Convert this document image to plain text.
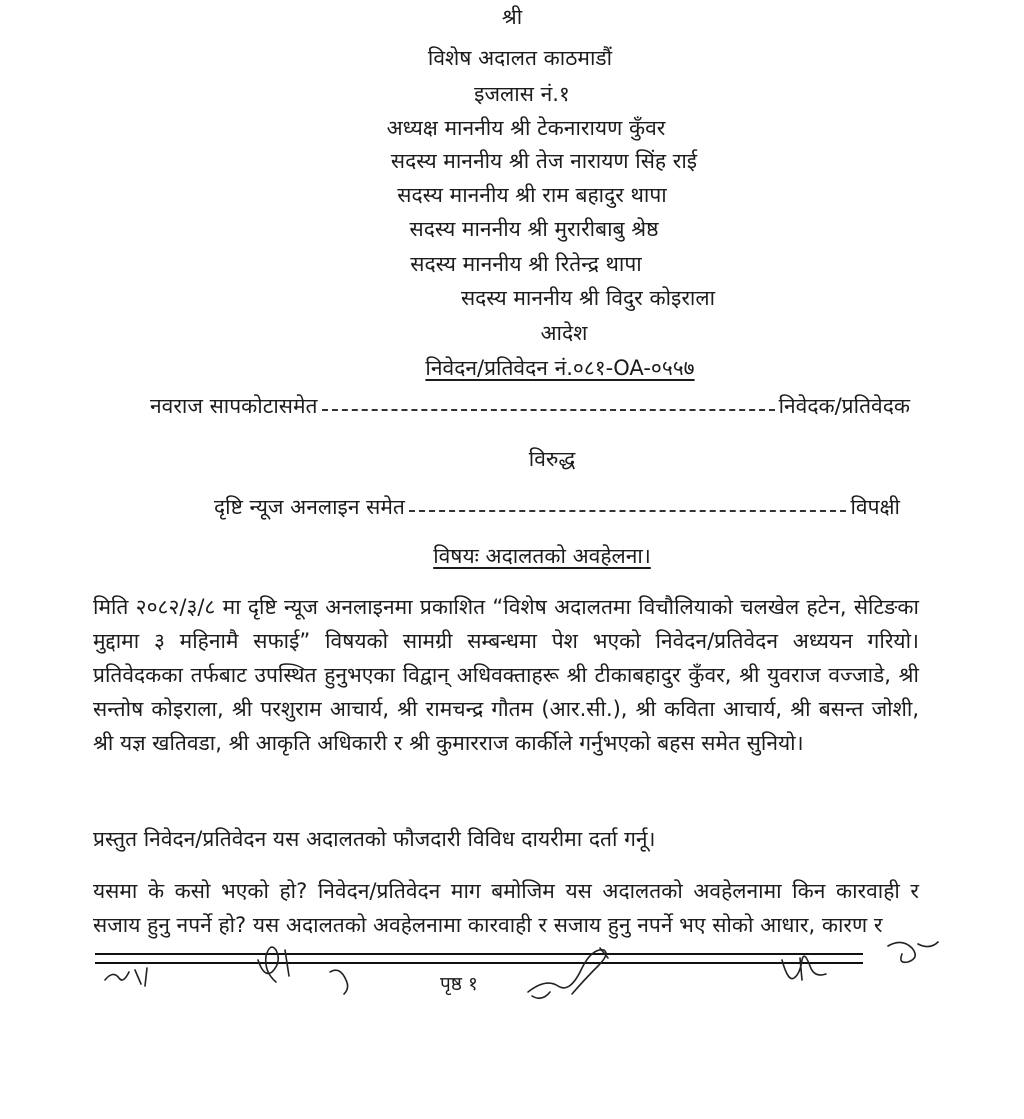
श्री
विशेष अदालत काठमाडौं
इजलास नं.१
अध्यक्ष माननीय श्री टेकनारायण कुँवर
सदस्य माननीय श्री तेज नारायण सिंह राई
सदस्य माननीय श्री राम बहादुर थापा
सदस्य माननीय श्री मुरारीबाबु श्रेष्ठ
सदस्य माननीय श्री रितेन्द्र थापा
सदस्य माननीय श्री विदुर कोइराला
आदेश
निवेदन/प्रतिवेदन नं.०८१-OA-०५५७
नवराज सापकोटासमेत	निवेदक/प्रतिवेदक
विरुद्ध
दृष्टि न्यूज अनलाइन समेत	विपक्षी
विषयः अदालतको अवहेलना।
मिति २०८२/३/८ मा दृष्टि न्यूज अनलाइनमा प्रकाशित “विशेष अदालतमा विचौलियाको चलखेल हटेन, सेटिङका मुद्दामा ३ महिनामै सफाई” विषयको सामग्री सम्बन्धमा पेश भएको निवेदन/प्रतिवेदन अध्ययन गरियो। प्रतिवेदकका तर्फबाट उपस्थित हुनुभएका विद्वान् अधिवक्ताहरू श्री टीकाबहादुर कुँवर, श्री युवराज वज्जाडे, श्री सन्तोष कोइराला, श्री परशुराम आचार्य, श्री रामचन्द्र गौतम (आर.सी.), श्री कविता आचार्य, श्री बसन्त जोशी, श्री यज्ञ खतिवडा, श्री आकृति अधिकारी र श्री कुमारराज कार्कीले गर्नुभएको बहस समेत सुनियो।
प्रस्तुत निवेदन/प्रतिवेदन यस अदालतको फौजदारी विविध दायरीमा दर्ता गर्नू।
यसमा के कसो भएको हो? निवेदन/प्रतिवेदन माग बमोजिम यस अदालतको अवहेलनामा किन कारवाही र सजाय हुनु नपर्ने हो? यस अदालतको अवहेलनामा कारवाही र सजाय हुनु नपर्ने भए सोको आधार, कारण र
पृष्ठ १
